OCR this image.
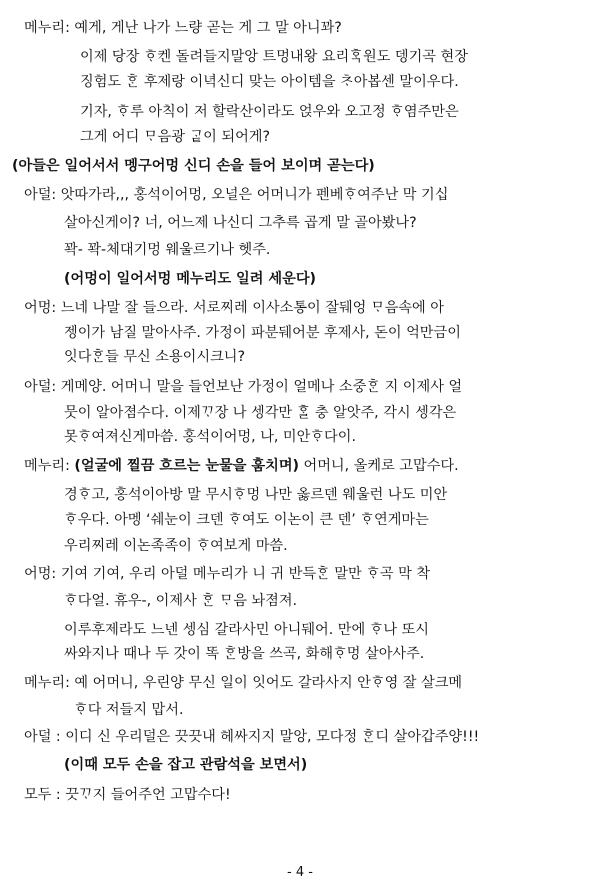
메누리: 예게, 게난 나가 느량 곧는 게 그 말 아니꽈?
이제 당장 ᄒᆞ켄 돌려들지말앙 트멍내왕 요리ᄒᆞᆨ원도 뎅기곡 현장
징험도 ᄒᆞᆫ 후제랑 이녁신디 맞는 아이템을 ᄎᆞ아봅센 말이우다.
기자, ᄒᆞ루 아칙이 저 할락산이라도 얹우와 오고정 ᄒᆞ염주만은
그게 어디 ᄆᆞ음광 ᄀᆞᇀ이 되어게?
(아들은 일어서서 멩구어멍 신디 손을 들어 보이며 곧는다)
아덜: 앗따가라,,, 홍석이어멍, 오널은 어머니가 펜베ᄒᆞ여주난 막 기십
살아신게이? 너, 어느제 나신디 그추륵 곱게 말 골아봤나?
꽉- 꽉-체대기멍 웨울르기나 헷주.
(어멍이 일어서멍 메누리도 일려 세운다)
어멍: 느네 나말 잘 들으라. 서로찌레 이사소통이 잘뒈엉 ᄆᆞ음속에 아
젱이가 남질 말아사주. 가정이 파분뒈어분 후제사, 돈이 억만금이
잇다ᄒᆞᆫ들 무신 소용이시크니?
아덜: 게메양. 어머니 말을 들언보난 가정이 얼메나 소중ᄒᆞᆫ 지 이제사 얼
뭇이 알아졈수다. 이제ᄁᆞ장 나 셍각만 ᄒᆞᆯ 충 알앗주, 각시 셍각은
못ᄒᆞ여져신게마씀. 홍석이어멍, 나, 미안ᄒᆞ다이.
메누리: (얼굴에 찔끔 흐르는 눈물을 훔치며) 어머니, 올케로 고맙수다.
경ᄒᆞ고, 홍석이아방 말 무시ᄒᆞ멍 나만 옳르덴 웨울런 나도 미안
ᄒᆞ우다. 아멩 ‘쉐눈이 크덴 ᄒᆞ여도 이논이 큰 덴’ ᄒᆞ연게마는
우리찌레 이논족족이 ᄒᆞ여보게 마씀.
어멍: 기여 기여, 우리 아덜 메누리가 니 귀 반득ᄒᆞᆫ 말만 ᄒᆞ곡 막 착
ᄒᆞ다얼. 휴우-, 이제사 ᄒᆞᆫ ᄆᆞ음 놔졈져.
이루후제라도 느넨 셍심 갈라사민 아니뒈어. 만에 ᄒᆞ나 또시
싸와지나 때나 두 갓이 똑 ᄒᆞᆫ방을 쓰곡, 화해ᄒᆞ멍 살아사주.
메누리: 예 어머니, 우린양 무신 일이 잇어도 갈라사지 안ᄒᆞ영 잘 살크메
ᄒᆞ다 저들지 맙서.
아덜 : 이디 신 우리덜은 끗끗내 헤싸지지 말앙, 모다정 ᄒᆞᆫ디 살아갑주양!!!
(이때 모두 손을 잡고 관람석을 보면서)
모두 : 끗ᄁᆞ지 들어주언 고맙수다!
- 4 -
